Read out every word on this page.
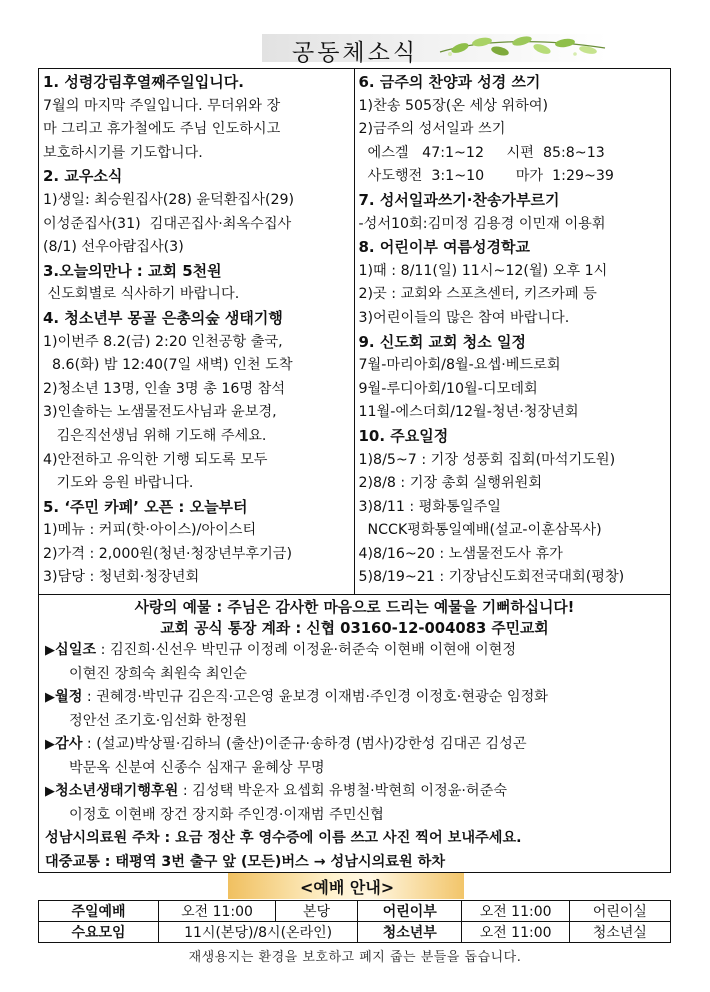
공동체소식
1. 성령강림후열째주일입니다.
7월의 마지막 주일입니다. 무더위와 장
마 그리고 휴가철에도 주님 인도하시고
보호하시기를 기도합니다.
2. 교우소식
1)생일: 최승원집사(28) 윤덕환집사(29)
이성준집사(31)  김대곤집사·최옥수집사
(8/1) 선우아람집사(3)
3.오늘의만나 : 교회 5천원
신도회별로 식사하기 바랍니다.
4. 청소년부 몽골 은총의숲 생태기행
1)이번주 8.2(금) 2:20 인천공항 출국,
8.6(화) 밤 12:40(7일 새벽) 인천 도착
2)청소년 13명, 인솔 3명 총 16명 참석
3)인솔하는 노샘물전도사님과 윤보경,
김은직선생님 위해 기도해 주세요.
4)안전하고 유익한 기행 되도록 모두
기도와 응원 바랍니다.
5. ‘주민 카페’ 오픈 : 오늘부터
1)메뉴 : 커피(핫·아이스)/아이스티
2)가격 : 2,000원(청년·청장년부후기금)
3)담당 : 청년회·청장년회
6. 금주의 찬양과 성경 쓰기
1)찬송 505장(온 세상 위하여)
2)금주의 성서일과 쓰기
에스겔   47:1~12     시편  85:8~13
사도행전  3:1~10       마가  1:29~39
7. 성서일과쓰기·찬송가부르기
-성서10회:김미정 김용경 이민재 이용휘
8. 어린이부 여름성경학교
1)때 : 8/11(일) 11시~12(월) 오후 1시
2)곳 : 교회와 스포츠센터, 키즈카페 등
3)어린이들의 많은 참여 바랍니다.
9. 신도회 교회 청소 일정
7월-마리아회/8월-요셉·베드로회
9월-루디아회/10월-디모데회
11월-에스더회/12월-청년·청장년회
10. 주요일정
1)8/5~7 : 기장 성풍회 집회(마석기도원)
2)8/8 : 기장 총회 실행위원회
3)8/11 : 평화통일주일
NCCK평화통일예배(설교-이훈삼목사)
4)8/16~20 : 노샘물전도사 휴가
5)8/19~21 : 기장남신도회전국대회(평창)
사랑의 예물 : 주님은 감사한 마음으로 드리는 예물을 기뻐하십니다!
교회 공식 통장 계좌 : 신협 03160-12-004083 주민교회
▶십일조 : 김진희·신선우 박민규 이정례 이정윤·허준숙 이현배 이현애 이현정
이현진 장희숙 최원숙 최인순
▶월정 : 권혜경·박민규 김은직·고은영 윤보경 이재범·주인경 이정호·현광순 임정화
정안선 조기호·임선화 한정원
▶감사 : (설교)박상필·김하늬 (출산)이준규·송하경 (범사)강한성 김대곤 김성곤
박문옥 신분여 신종수 심재구 윤혜상 무명
▶청소년생태기행후원 : 김성택 박운자 요셉회 유병철·박현희 이정윤·허준숙
이정호 이현배 장건 장지화 주인경·이재범 주민신협
성남시의료원 주차 : 요금 정산 후 영수증에 이름 쓰고 사진 찍어 보내주세요.
대중교통 : 태평역 3번 출구 앞 (모든)버스 → 성남시의료원 하차
<예배 안내>
주일예배	오전 11:00	본당	어린이부	오전 11:00	어린이실
수요모임	11시(본당)/8시(온라인)		청소년부	오전 11:00	청소년실
재생용지는 환경을 보호하고 폐지 줍는 분들을 돕습니다.
